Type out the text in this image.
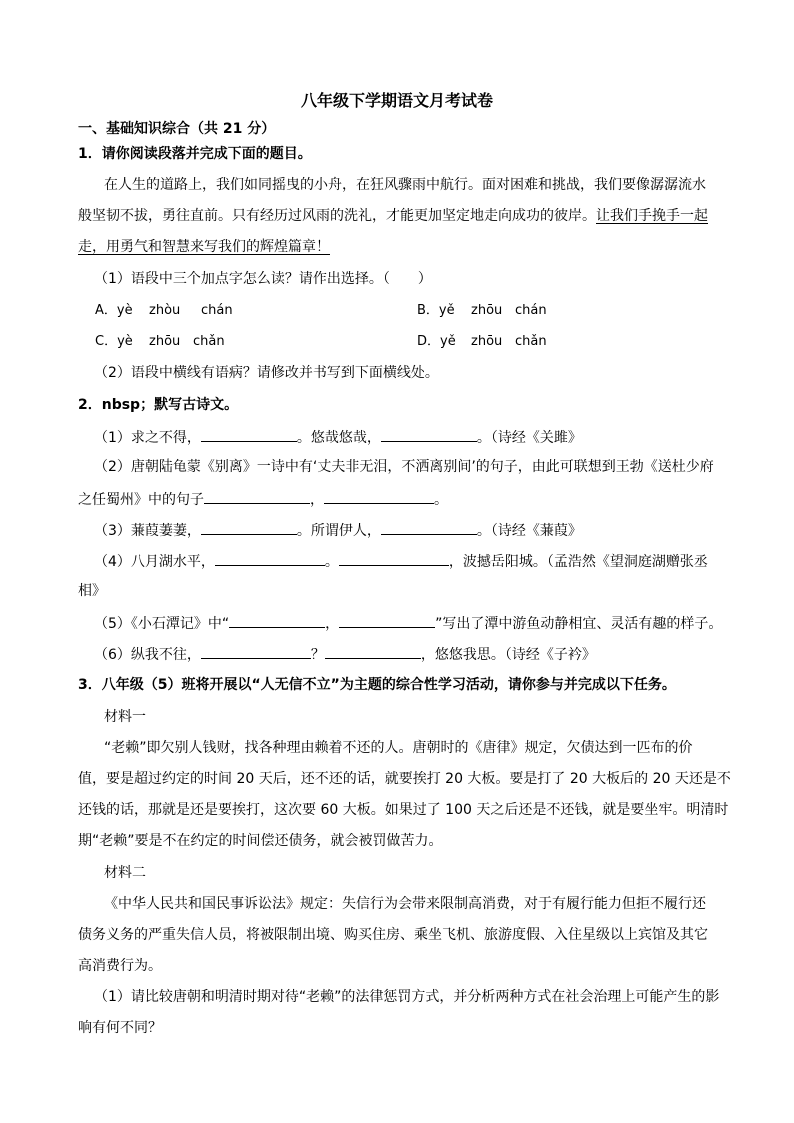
八年级下学期语文月考试卷
一、基础知识综合（共 21 分）
1．请你阅读段落并完成下面的题目。
在人生的道路上，我们如同摇曳的小舟，在狂风骤雨中航行。面对困难和挑战，我们要像潺潺流水
般坚韧不拔，勇往直前。只有经历过风雨的洗礼，才能更加坚定地走向成功的彼岸。让我们手挽手一起
走，用勇气和智慧来写我们的辉煌篇章！
（1）语段中三个加点字怎么读？请作出选择。（　　）
A．yè zhòu chán	B．yě zhōu chán
C．yè zhōu chǎn	D．yě zhōu chǎn
（2）语段中横线有语病？请修改并书写到下面横线处。
2．nbsp；默写古诗文。
（1）求之不得，	。悠哉悠哉，	。（诗经《关雎》
（2）唐朝陆龟蒙《别离》一诗中有‘丈夫非无泪，不洒离别间’的句子，由此可联想到王勃《送杜少府
之任蜀州》中的句子	，	。
（3）蒹葭萋萋，	。所谓伊人，	。（诗经《蒹葭》
（4）八月湖水平，	。	，波撼岳阳城。（孟浩然《望洞庭湖赠张丞
相》
（5）《小石潭记》中“	，	”写出了潭中游鱼动静相宜、灵活有趣的样子。
（6）纵我不往，	？	，悠悠我思。（诗经《子衿》
3．八年级（5）班将开展以“人无信不立”为主题的综合性学习活动，请你参与并完成以下任务。
材料一
“老赖”即欠别人钱财，找各种理由赖着不还的人。唐朝时的《唐律》规定，欠债达到一匹布的价
值，要是超过约定的时间 20 天后，还不还的话，就要挨打 20 大板。要是打了 20 大板后的 20 天还是不
还钱的话，那就是还是要挨打，这次要 60 大板。如果过了 100 天之后还是不还钱，就是要坐牢。明清时
期“老赖”要是不在约定的时间偿还债务，就会被罚做苦力。
材料二
《中华人民共和国民事诉讼法》规定：失信行为会带来限制高消费，对于有履行能力但拒不履行还
债务义务的严重失信人员，将被限制出境、购买住房、乘坐飞机、旅游度假、入住星级以上宾馆及其它
高消费行为。
（1）请比较唐朝和明清时期对待“老赖”的法律惩罚方式，并分析两种方式在社会治理上可能产生的影
响有何不同？
